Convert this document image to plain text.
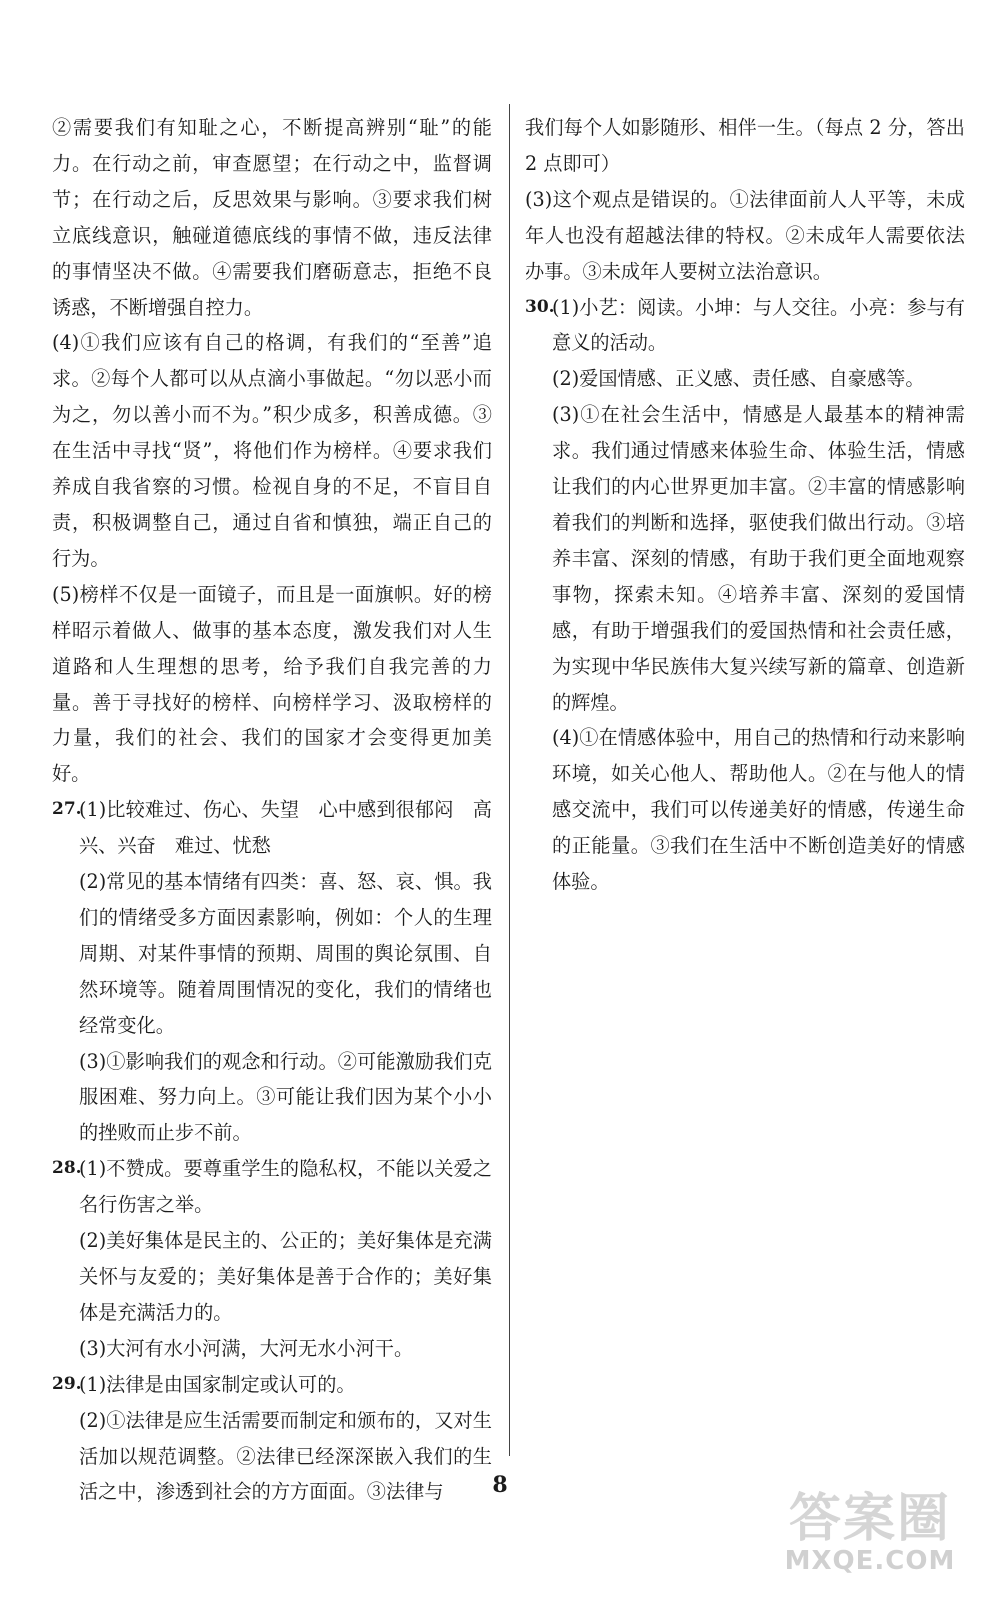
②需要我们有知耻之心，不断提高辨别“耻”的能力。在行动之前，审查愿望；在行动之中，监督调节；在行动之后，反思效果与影响。③要求我们树立底线意识，触碰道德底线的事情不做，违反法律的事情坚决不做。④需要我们磨砺意志，拒绝不良诱惑，不断增强自控力。

(4)①我们应该有自己的格调，有我们的“至善”追求。②每个人都可以从点滴小事做起。“勿以恶小而为之，勿以善小而不为。”积少成多，积善成德。③在生活中寻找“贤”，将他们作为榜样。④要求我们养成自我省察的习惯。检视自身的不足，不盲目自责，积极调整自己，通过自省和慎独，端正自己的行为。

(5)榜样不仅是一面镜子，而且是一面旗帜。好的榜样昭示着做人、做事的基本态度，激发我们对人生道路和人生理想的思考，给予我们自我完善的力量。善于寻找好的榜样、向榜样学习、汲取榜样的力量，我们的社会、我们的国家才会变得更加美好。

27.

(1)比较难过、伤心、失望　心中感到很郁闷　高兴、兴奋　难过、忧愁

(2)常见的基本情绪有四类：喜、怒、哀、惧。我们的情绪受多方面因素影响，例如：个人的生理周期、对某件事情的预期、周围的舆论氛围、自然环境等。随着周围情况的变化，我们的情绪也经常变化。

(3)①影响我们的观念和行动。②可能激励我们克服困难、努力向上。③可能让我们因为某个小小的挫败而止步不前。

28.

(1)不赞成。要尊重学生的隐私权，不能以关爱之名行伤害之举。

(2)美好集体是民主的、公正的；美好集体是充满关怀与友爱的；美好集体是善于合作的；美好集体是充满活力的。

(3)大河有水小河满，大河无水小河干。

29.

(1)法律是由国家制定或认可的。

(2)①法律是应生活需要而制定和颁布的，又对生活加以规范调整。②法律已经深深嵌入我们的生活之中，渗透到社会的方方面面。③法律与

我们每个人如影随形、相伴一生。（每点 2 分，答出 2 点即可）

(3)这个观点是错误的。①法律面前人人平等，未成年人也没有超越法律的特权。②未成年人需要依法办事。③未成年人要树立法治意识。

30.

(1)小艺：阅读。小坤：与人交往。小亮：参与有意义的活动。

(2)爱国情感、正义感、责任感、自豪感等。

(3)①在社会生活中，情感是人最基本的精神需求。我们通过情感来体验生命、体验生活，情感让我们的内心世界更加丰富。②丰富的情感影响着我们的判断和选择，驱使我们做出行动。③培养丰富、深刻的情感，有助于我们更全面地观察事物，探索未知。④培养丰富、深刻的爱国情感，有助于增强我们的爱国热情和社会责任感，为实现中华民族伟大复兴续写新的篇章、创造新的辉煌。

(4)①在情感体验中，用自己的热情和行动来影响环境，如关心他人、帮助他人。②在与他人的情感交流中，我们可以传递美好的情感，传递生命的正能量。③我们在生活中不断创造美好的情感体验。

8
答案圈
MXQE.COM
